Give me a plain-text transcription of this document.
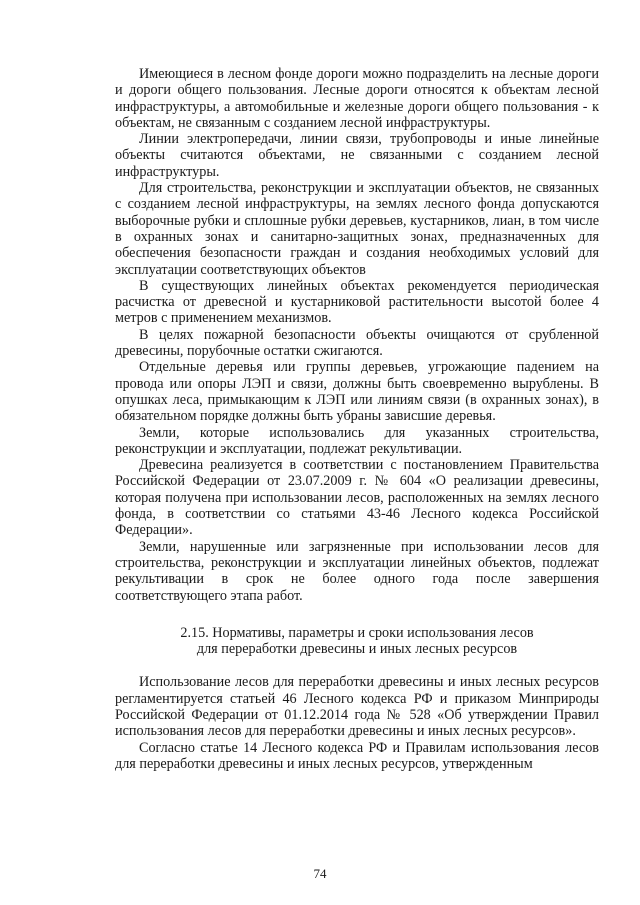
Имеющиеся в лесном фонде дороги можно подразделить на лесные дороги и дороги общего пользования. Лесные дороги относятся к объектам лесной инфраструктуры, а автомобильные и железные дороги общего пользования - к объектам, не связанным с созданием лесной инфраструктуры.

Линии электропередачи, линии связи, трубопроводы и иные линейные объекты считаются объектами, не связанными с созданием лесной инфраструктуры.

Для строительства, реконструкции и эксплуатации объектов, не связанных с созданием лесной инфраструктуры, на землях лесного фонда допускаются выборочные рубки и сплошные рубки деревьев, кустарников, лиан, в том числе в охранных зонах и санитарно-защитных зонах, предназначенных для обеспечения безопасности граждан и создания необходимых условий для эксплуатации соответствующих объектов

В существующих линейных объектах рекомендуется периодическая расчистка от древесной и кустарниковой растительности высотой более 4 метров с применением механизмов.

В целях пожарной безопасности объекты очищаются от срубленной древесины, порубочные остатки сжигаются.

Отдельные деревья или группы деревьев, угрожающие падением на провода или опоры ЛЭП и связи, должны быть своевременно вырублены. В опушках леса, примыкающим к ЛЭП или линиям связи (в охранных зонах), в обязательном порядке должны быть убраны зависшие деревья.

Земли, которые использовались для указанных строительства, реконструкции и эксплуатации, подлежат рекультивации.

Древесина реализуется в соответствии с постановлением Правительства Российской Федерации от 23.07.2009 г. № 604 «О реализации древесины, которая получена при использовании лесов, расположенных на землях лесного фонда, в соответствии со статьями 43-46 Лесного кодекса Российской Федерации».

Земли, нарушенные или загрязненные при использовании лесов для строительства, реконструкции и эксплуатации линейных объектов, подлежат рекультивации в срок не более одного года после завершения соответствующего этапа работ.

2.15. Нормативы, параметры и сроки использования лесов
для переработки древесины и иных лесных ресурсов

Использование лесов для переработки древесины и иных лесных ресурсов регламентируется статьей 46 Лесного кодекса РФ и приказом Минприроды Российской Федерации от 01.12.2014 года № 528 «Об утверждении Правил использования лесов для переработки древесины и иных лесных ресурсов».

Согласно статье 14 Лесного кодекса РФ и Правилам использования лесов для переработки древесины и иных лесных ресурсов, утвержденным

74
